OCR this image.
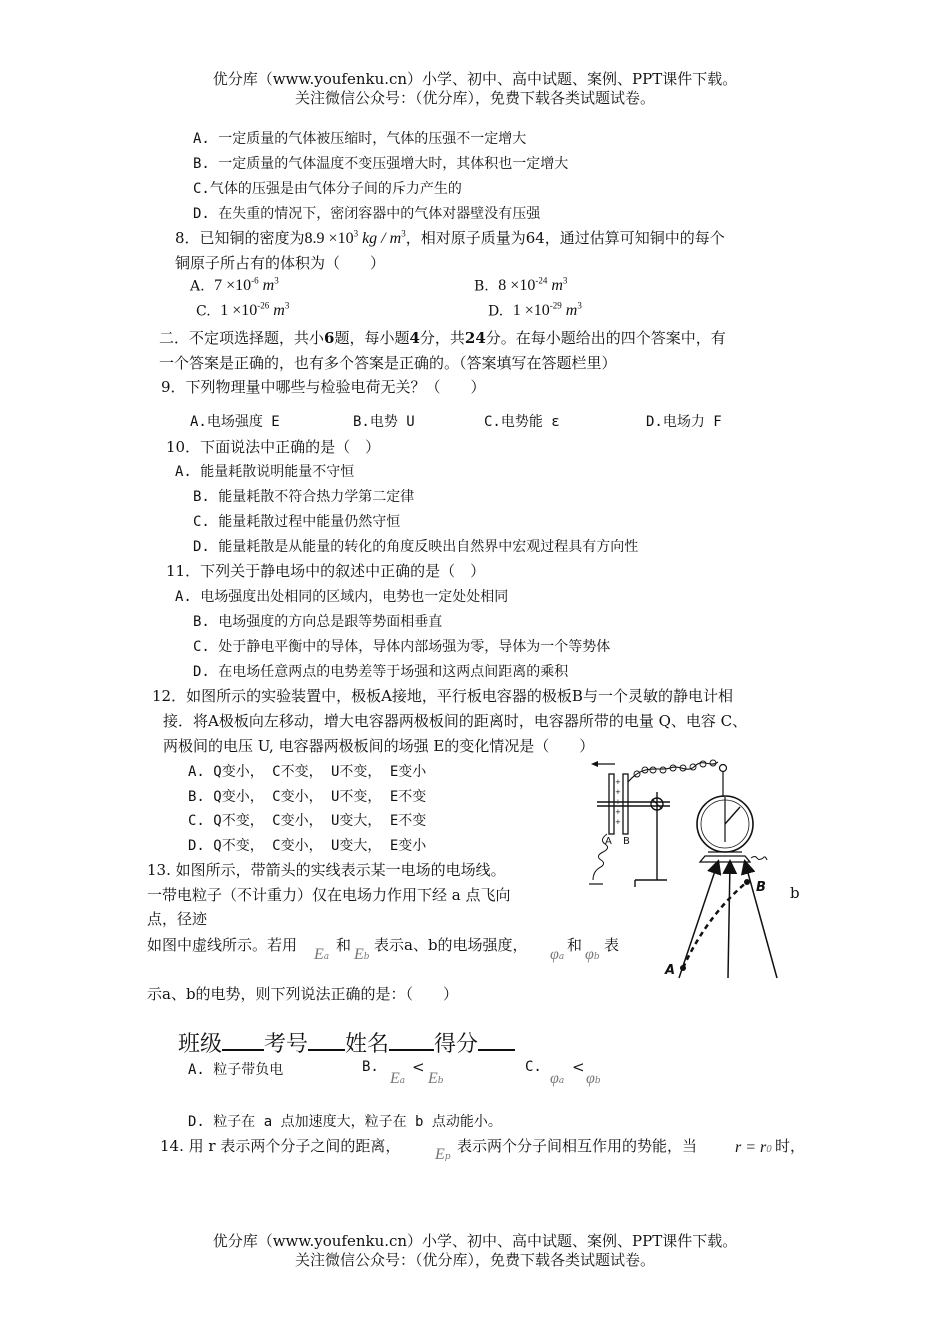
优分库（www.youfenku.cn）小学、初中、高中试题、案例、PPT课件下载。
关注微信公众号：（优分库），免费下载各类试题试卷。
A. 一定质量的气体被压缩时，气体的压强不一定增大
B. 一定质量的气体温度不变压强增大时，其体积也一定增大
C.气体的压强是由气体分子间的斥力产生的
D. 在失重的情况下，密闭容器中的气体对器壁没有压强
8．已知铜的密度为$8.9 \times 10^3$ kg / $m^3$，相对原子质量为64，通过估算可知铜中的每个
铜原子所占有的体积为（　　）
A. $7 \times 10^{-6}$ $m^3$	B. $8 \times 10^{-24}$ $m^3$
C. $1 \times 10^{-26}$ $m^3$	D. $1 \times 10^{-29}$ $m^3$
二．不定项选择题，共小6题，每小题4分，共24分。在每小题给出的四个答案中，有
一个答案是正确的，也有多个答案是正确的。（答案填写在答题栏里）
9．下列物理量中哪些与检验电荷无关？（　　）
A.电场强度 E	B.电势 U	C.电势能 ε	D.电场力 F
10．下面说法中正确的是（　）
A. 能量耗散说明能量不守恒
B. 能量耗散不符合热力学第二定律
C. 能量耗散过程中能量仍然守恒
D. 能量耗散是从能量的转化的角度反映出自然界中宏观过程具有方向性
11．下列关于静电场中的叙述中正确的是（　）
A. 电场强度出处相同的区域内，电势也一定处处相同
B. 电场强度的方向总是跟等势面相垂直
C. 处于静电平衡中的导体，导体内部场强为零，导体为一个等势体
D. 在电场任意两点的电势差等于场强和这两点间距离的乘积
12．如图所示的实验装置中，极板A接地，平行板电容器的极板B与一个灵敏的静电计相
接．将A极板向左移动，增大电容器两极板间的距离时，电容器所带的电量 Q、电容 C、
两极间的电压 U, 电容器两极板间的场强 E的变化情况是（　　）
A. Q变小， C不变， U不变， E变小
B. Q变小， C变小， U不变， E不变
C. Q不变， C变小， U变大， E不变
D. Q不变， C变小， U变大， E变小
+
+
+
+
+
A B
13. 如图所示，带箭头的实线表示某一电场的电场线。
一带电粒子（不计重力）仅在电场力作用下经 a 点飞向	b
点，径迹
如图中虚线所示。若用
Ea
和
Eb
表示a、b的电场强度，
φa
和
φb
表
示a、b的电势，则下列说法正确的是：（　　）
A
B
班级 考号 姓名 得分
A. 粒子带负电	B.
Ea
<
Eb
C.
φa
<
φb
D. 粒子在 a 点加速度大，粒子在 b 点动能小。
14. 用 r 表示两个分子之间的距离， Ep
表示两个分子间相互作用的势能，当 r = r0 时，
优分库（www.youfenku.cn）小学、初中、高中试题、案例、PPT课件下载。
关注微信公众号：（优分库），免费下载各类试题试卷。
